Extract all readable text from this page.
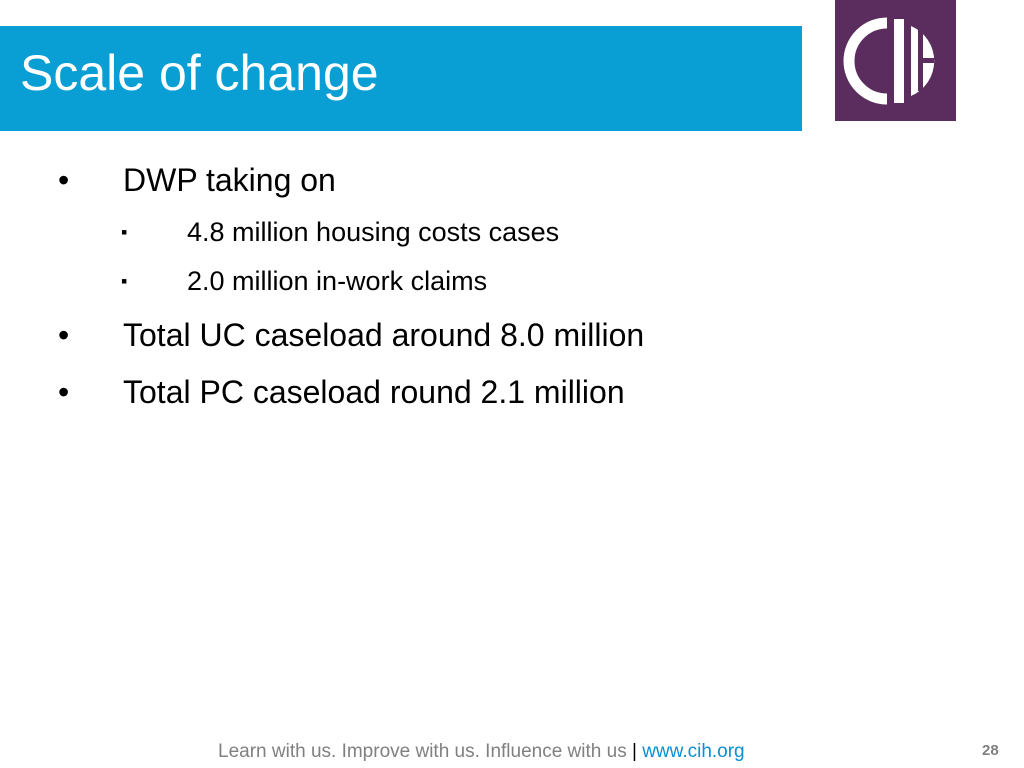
Scale of change
• DWP taking on
▪ 4.8 million housing costs cases
▪ 2.0 million in-work claims
• Total UC caseload around 8.0 million
• Total PC caseload round 2.1 million
Learn with us. Improve with us. Influence with us | www.cih.org	28
